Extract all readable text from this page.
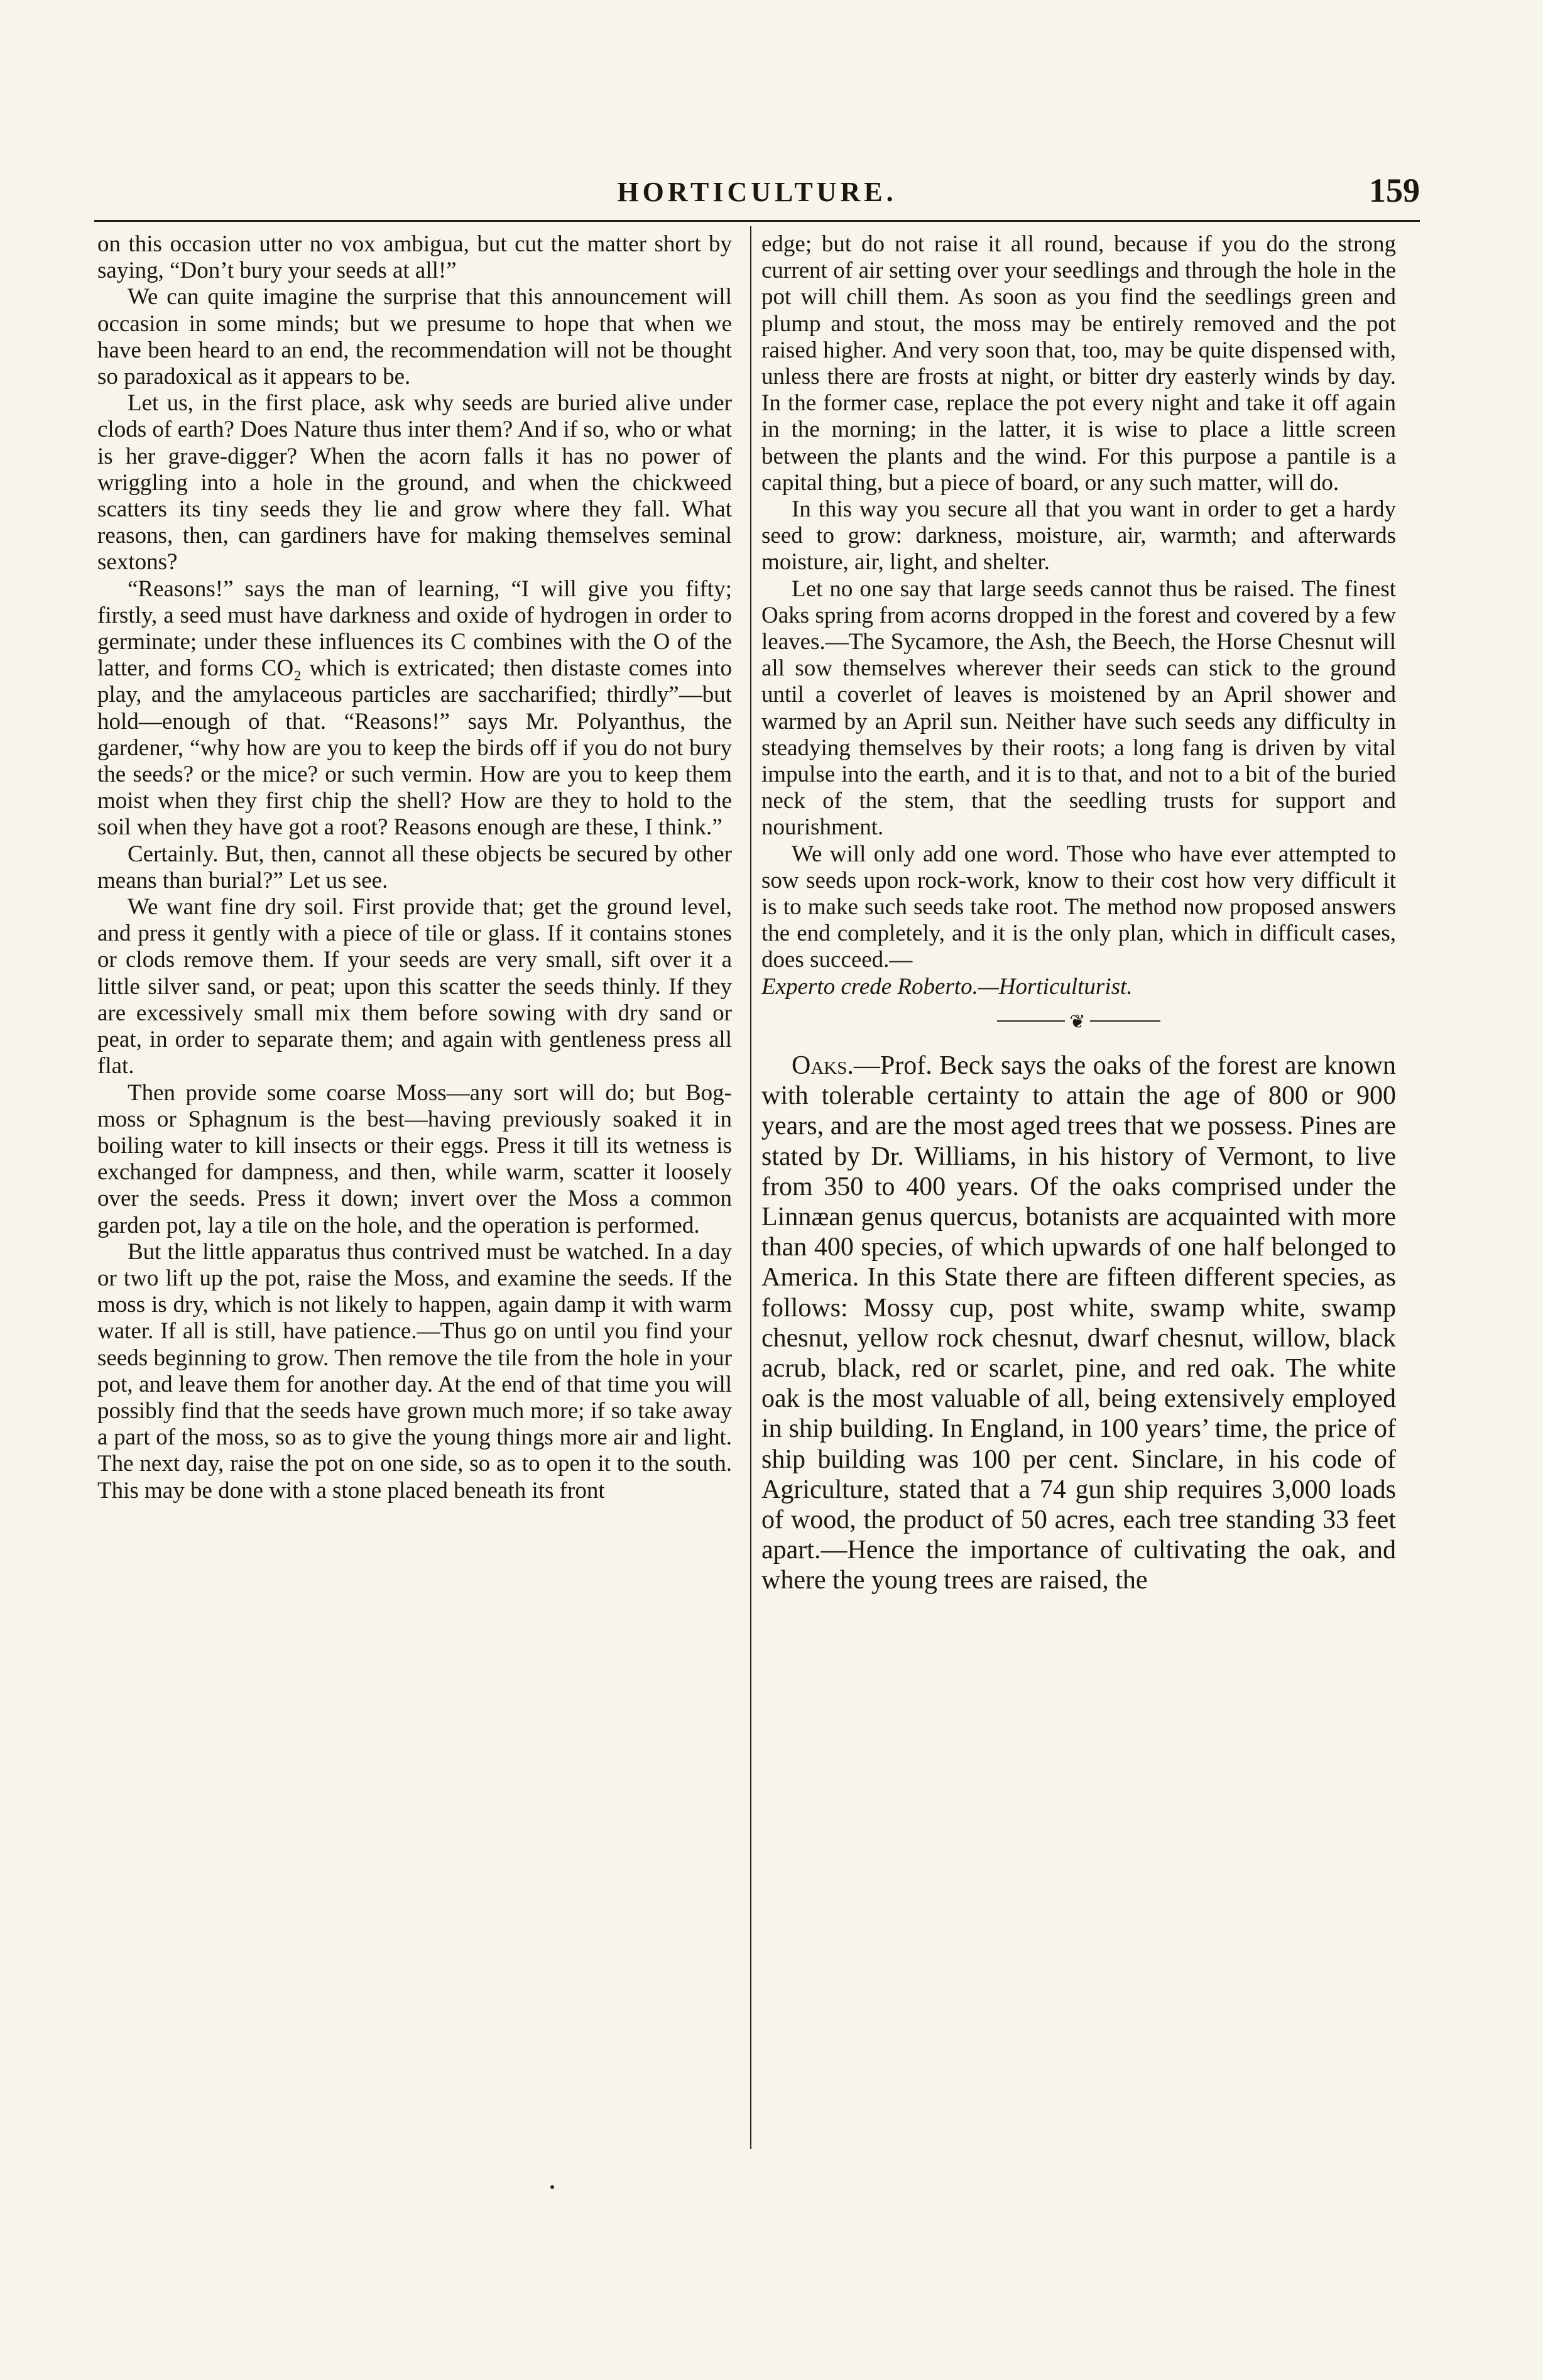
HORTICULTURE.	159

on this occasion utter no vox ambigua, but cut the matter short by saying, “Don’t bury your seeds at all!”

We can quite imagine the surprise that this announcement will occasion in some minds; but we presume to hope that when we have been heard to an end, the recommendation will not be thought so paradoxical as it appears to be.

Let us, in the first place, ask why seeds are buried alive under clods of earth? Does Nature thus inter them? And if so, who or what is her grave-digger? When the acorn falls it has no power of wriggling into a hole in the ground, and when the chickweed scatters its tiny seeds they lie and grow where they fall. What reasons, then, can gardiners have for making themselves seminal sextons?

“Reasons!” says the man of learning, “I will give you fifty; firstly, a seed must have darkness and oxide of hydrogen in order to germinate; under these influences its C combines with the O of the latter, and forms CO₂ which is extricated; then distaste comes into play, and the amylaceous particles are saccharified; thirdly”—but hold—enough of that. “Reasons!” says Mr. Polyanthus, the gardener, “why how are you to keep the birds off if you do not bury the seeds? or the mice? or such vermin. How are you to keep them moist when they first chip the shell? How are they to hold to the soil when they have got a root? Reasons enough are these, I think.”

Certainly. But, then, cannot all these objects be secured by other means than burial?” Let us see.

We want fine dry soil. First provide that; get the ground level, and press it gently with a piece of tile or glass. If it contains stones or clods remove them. If your seeds are very small, sift over it a little silver sand, or peat; upon this scatter the seeds thinly. If they are excessively small mix them before sowing with dry sand or peat, in order to separate them; and again with gentleness press all flat.

Then provide some coarse Moss—any sort will do; but Bog-moss or Sphagnum is the best—having previously soaked it in boiling water to kill insects or their eggs. Press it till its wetness is exchanged for dampness, and then, while warm, scatter it loosely over the seeds. Press it down; invert over the Moss a common garden pot, lay a tile on the hole, and the operation is performed.

But the little apparatus thus contrived must be watched. In a day or two lift up the pot, raise the Moss, and examine the seeds. If the moss is dry, which is not likely to happen, again damp it with warm water. If all is still, have patience.—Thus go on until you find your seeds beginning to grow. Then remove the tile from the hole in your pot, and leave them for another day. At the end of that time you will possibly find that the seeds have grown much more; if so take away a part of the moss, so as to give the young things more air and light. The next day, raise the pot on one side, so as to open it to the south. This may be done with a stone placed beneath its front

edge; but do not raise it all round, because if you do the strong current of air setting over your seedlings and through the hole in the pot will chill them. As soon as you find the seedlings green and plump and stout, the moss may be entirely removed and the pot raised higher. And very soon that, too, may be quite dispensed with, unless there are frosts at night, or bitter dry easterly winds by day. In the former case, replace the pot every night and take it off again in the morning; in the latter, it is wise to place a little screen between the plants and the wind. For this purpose a pantile is a capital thing, but a piece of board, or any such matter, will do.

In this way you secure all that you want in order to get a hardy seed to grow: darkness, moisture, air, warmth; and afterwards moisture, air, light, and shelter.

Let no one say that large seeds cannot thus be raised. The finest Oaks spring from acorns dropped in the forest and covered by a few leaves.—The Sycamore, the Ash, the Beech, the Horse Chesnut will all sow themselves wherever their seeds can stick to the ground until a coverlet of leaves is moistened by an April shower and warmed by an April sun. Neither have such seeds any difficulty in steadying themselves by their roots; a long fang is driven by vital impulse into the earth, and it is to that, and not to a bit of the buried neck of the stem, that the seedling trusts for support and nourishment.

We will only add one word. Those who have ever attempted to sow seeds upon rock-work, know to their cost how very difficult it is to make such seeds take root. The method now proposed answers the end completely, and it is the only plan, which in difficult cases, does succeed.—

Experto crede Roberto.—Horticulturist.

❦

Oaks.—Prof. Beck says the oaks of the forest are known with tolerable certainty to attain the age of 800 or 900 years, and are the most aged trees that we possess. Pines are stated by Dr. Williams, in his history of Vermont, to live from 350 to 400 years. Of the oaks comprised under the Linnæan genus quercus, botanists are acquainted with more than 400 species, of which upwards of one half belonged to America. In this State there are fifteen different species, as follows: Mossy cup, post white, swamp white, swamp chesnut, yellow rock chesnut, dwarf chesnut, willow, black acrub, black, red or scarlet, pine, and red oak. The white oak is the most valuable of all, being extensively employed in ship building. In England, in 100 years’ time, the price of ship building was 100 per cent. Sinclare, in his code of Agriculture, stated that a 74 gun ship requires 3,000 loads of wood, the product of 50 acres, each tree standing 33 feet apart.—Hence the importance of cultivating the oak, and where the young trees are raised, the
